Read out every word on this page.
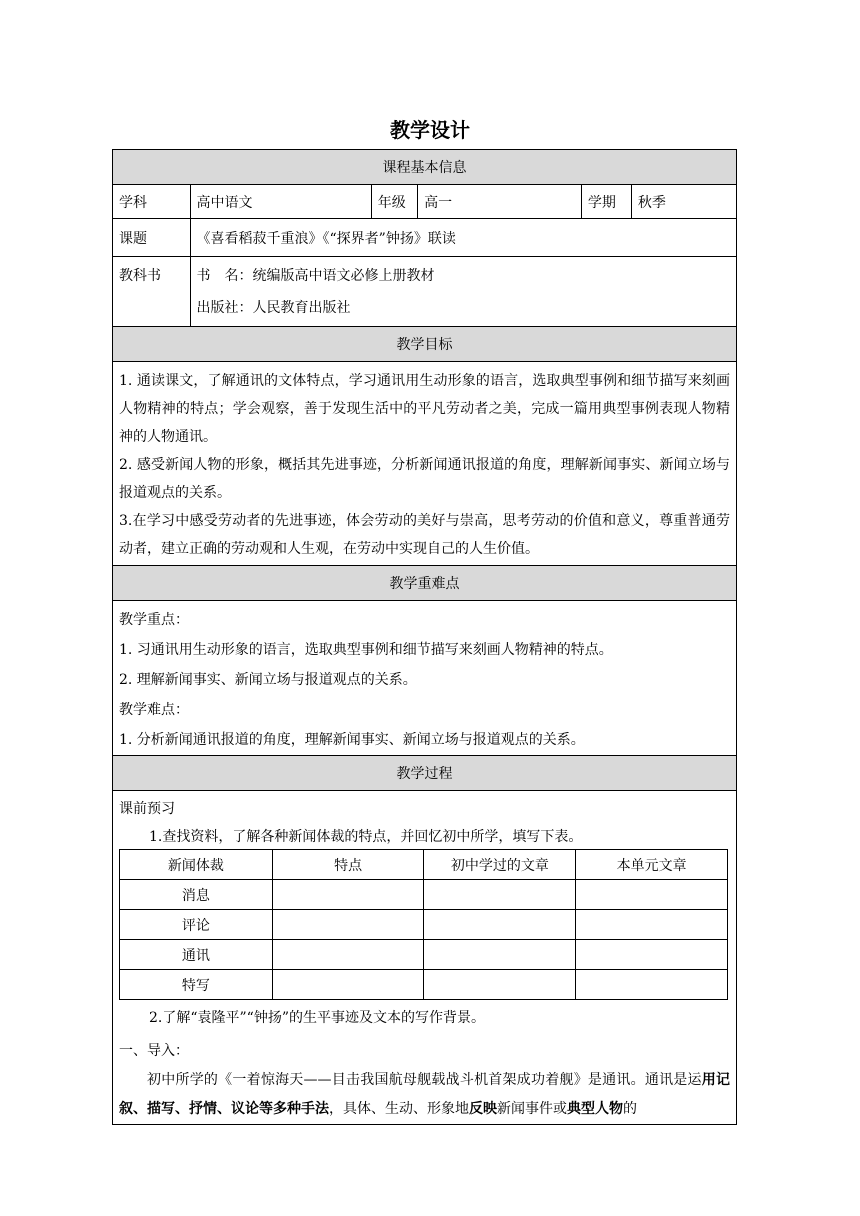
教学设计
课程基本信息
学科	高中语文	年级	高一	学期	秋季
课题	《喜看稻菽千重浪》《“探界者”钟扬》联读
教科书	书　名：统编版高中语文必修上册教材

出版社：人民教育出版社

教学目标

1. 通读课文，了解通讯的文体特点，学习通讯用生动形象的语言，选取典型事例和细节描写来刻画人物精神的特点；学会观察，善于发现生活中的平凡劳动者之美，完成一篇用典型事例表现人物精神的人物通讯。

2. 感受新闻人物的形象，概括其先进事迹，分析新闻通讯报道的角度，理解新闻事实、新闻立场与报道观点的关系。

3.在学习中感受劳动者的先进事迹，体会劳动的美好与崇高，思考劳动的价值和意义，尊重普通劳动者，建立正确的劳动观和人生观，在劳动中实现自己的人生价值。

教学重难点

教学重点：

1. 习通讯用生动形象的语言，选取典型事例和细节描写来刻画人物精神的特点。

2. 理解新闻事实、新闻立场与报道观点的关系。

教学难点：

1. 分析新闻通讯报道的角度，理解新闻事实、新闻立场与报道观点的关系。

教学过程

课前预习

1.查找资料，了解各种新闻体裁的特点，并回忆初中所学，填写下表。

新闻体裁	特点	初中学过的文章	本单元文章
消息			
评论			
通讯			
特写			

2.了解“袁隆平”“钟扬”的生平事迹及文本的写作背景。

一、导入：

初中所学的《一着惊海天——目击我国航母舰载战斗机首架成功着舰》是通讯。通讯是运用记叙、描写、抒情、议论等多种手法，具体、生动、形象地反映新闻事件或典型人物的
